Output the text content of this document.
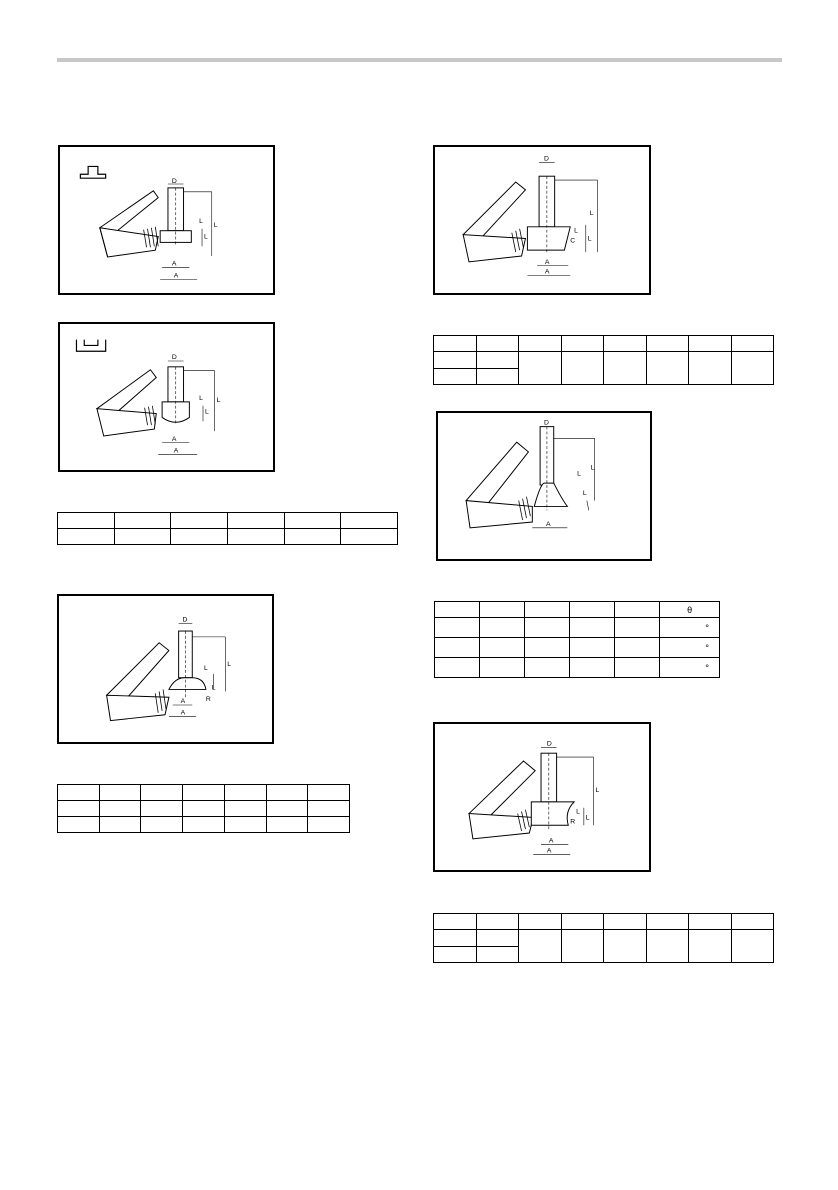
D
L
L
L
A
A
D
L
L
L
A
A

D
L
L
L
R
A
A

D
L
L
L
C
A
A

D
L
L
L
A
					θ
					°
					°
					°
D
L
L
L
R
A
A
